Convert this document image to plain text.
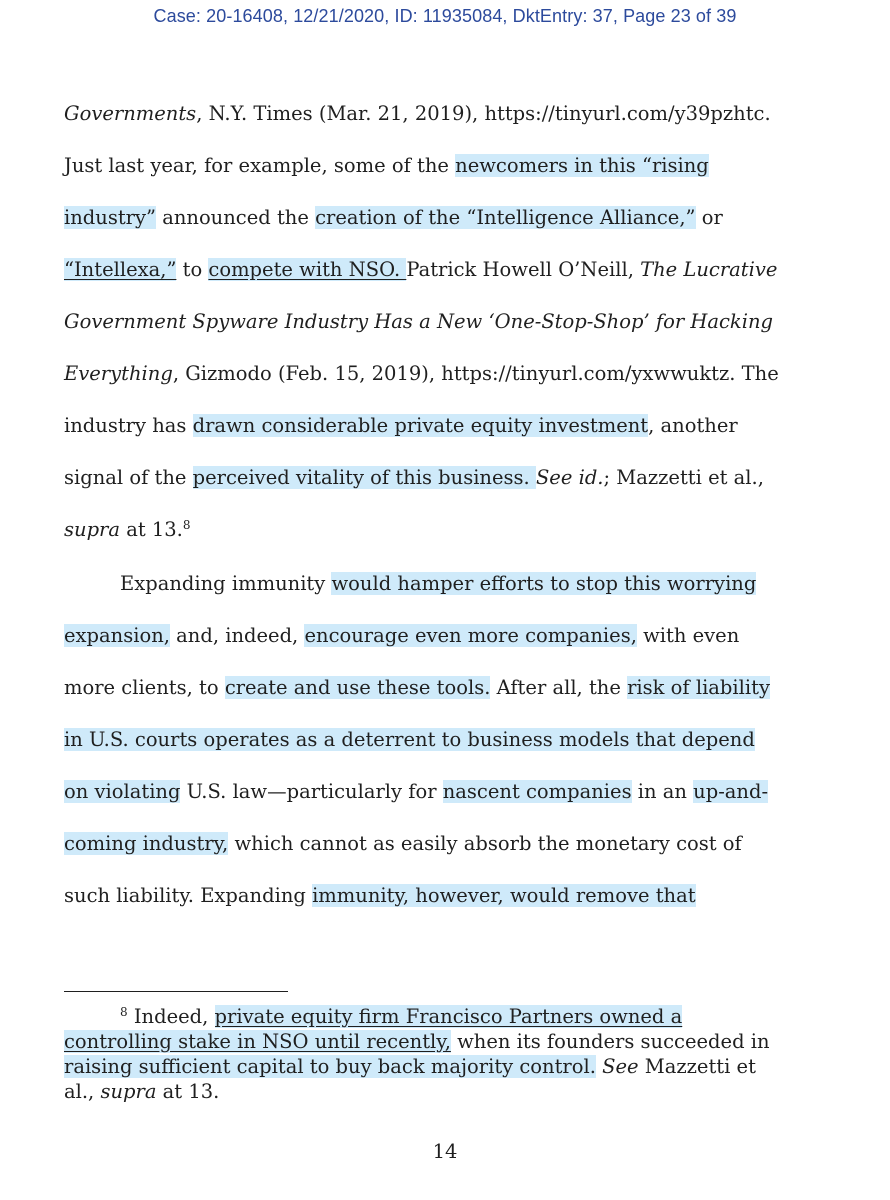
Case: 20-16408, 12/21/2020, ID: 11935084, DktEntry: 37, Page 23 of 39
Governments, N.Y. Times (Mar. 21, 2019), https://tinyurl.com/y39pzhtc.
Just last year, for example, some of the newcomers in this “rising
industry” announced the creation of the “Intelligence Alliance,” or
“Intellexa,” to compete with NSO. Patrick Howell O’Neill, The Lucrative
Government Spyware Industry Has a New ‘One-Stop-Shop’ for Hacking
Everything, Gizmodo (Feb. 15, 2019), https://tinyurl.com/yxwwuktz. The
industry has drawn considerable private equity investment, another
signal of the perceived vitality of this business. See id.; Mazzetti et al.,
supra at 13.$^8$
Expanding immunity would hamper efforts to stop this worrying
expansion, and, indeed, encourage even more companies, with even
more clients, to create and use these tools. After all, the risk of liability
in U.S. courts operates as a deterrent to business models that depend
on violating U.S. law—particularly for nascent companies in an up-and-
coming industry, which cannot as easily absorb the monetary cost of
such liability. Expanding immunity, however, would remove that
$^8$ Indeed, private equity firm Francisco Partners owned a
controlling stake in NSO until recently, when its founders succeeded in
raising sufficient capital to buy back majority control. See Mazzetti et
al., supra at 13.
14
